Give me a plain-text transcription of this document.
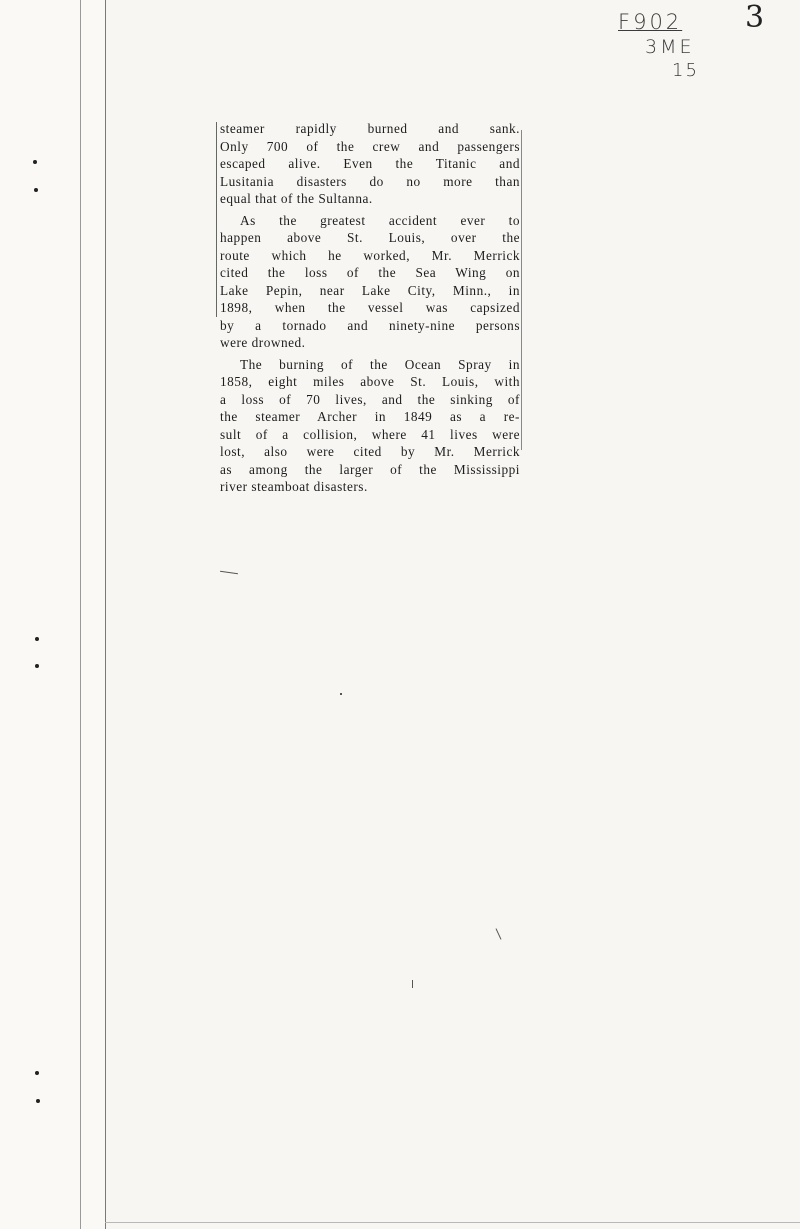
3
F902
3ME
15
steamer rapidly burned and sank.
Only 700 of the crew and passengers
escaped alive. Even the Titanic and
Lusitania disasters do no more than
equal that of the Sultanna.
As the greatest accident ever to
happen above St. Louis, over the
route which he worked, Mr. Merrick
cited the loss of the Sea Wing on
Lake Pepin, near Lake City, Minn., in
1898, when the vessel was capsized
by a tornado and ninety-nine persons
were drowned.
The burning of the Ocean Spray in
1858, eight miles above St. Louis, with
a loss of 70 lives, and the sinking of
the steamer Archer in 1849 as a re-
sult of a collision, where 41 lives were
lost, also were cited by Mr. Merrick
as among the larger of the Mississippi
river steamboat disasters.
